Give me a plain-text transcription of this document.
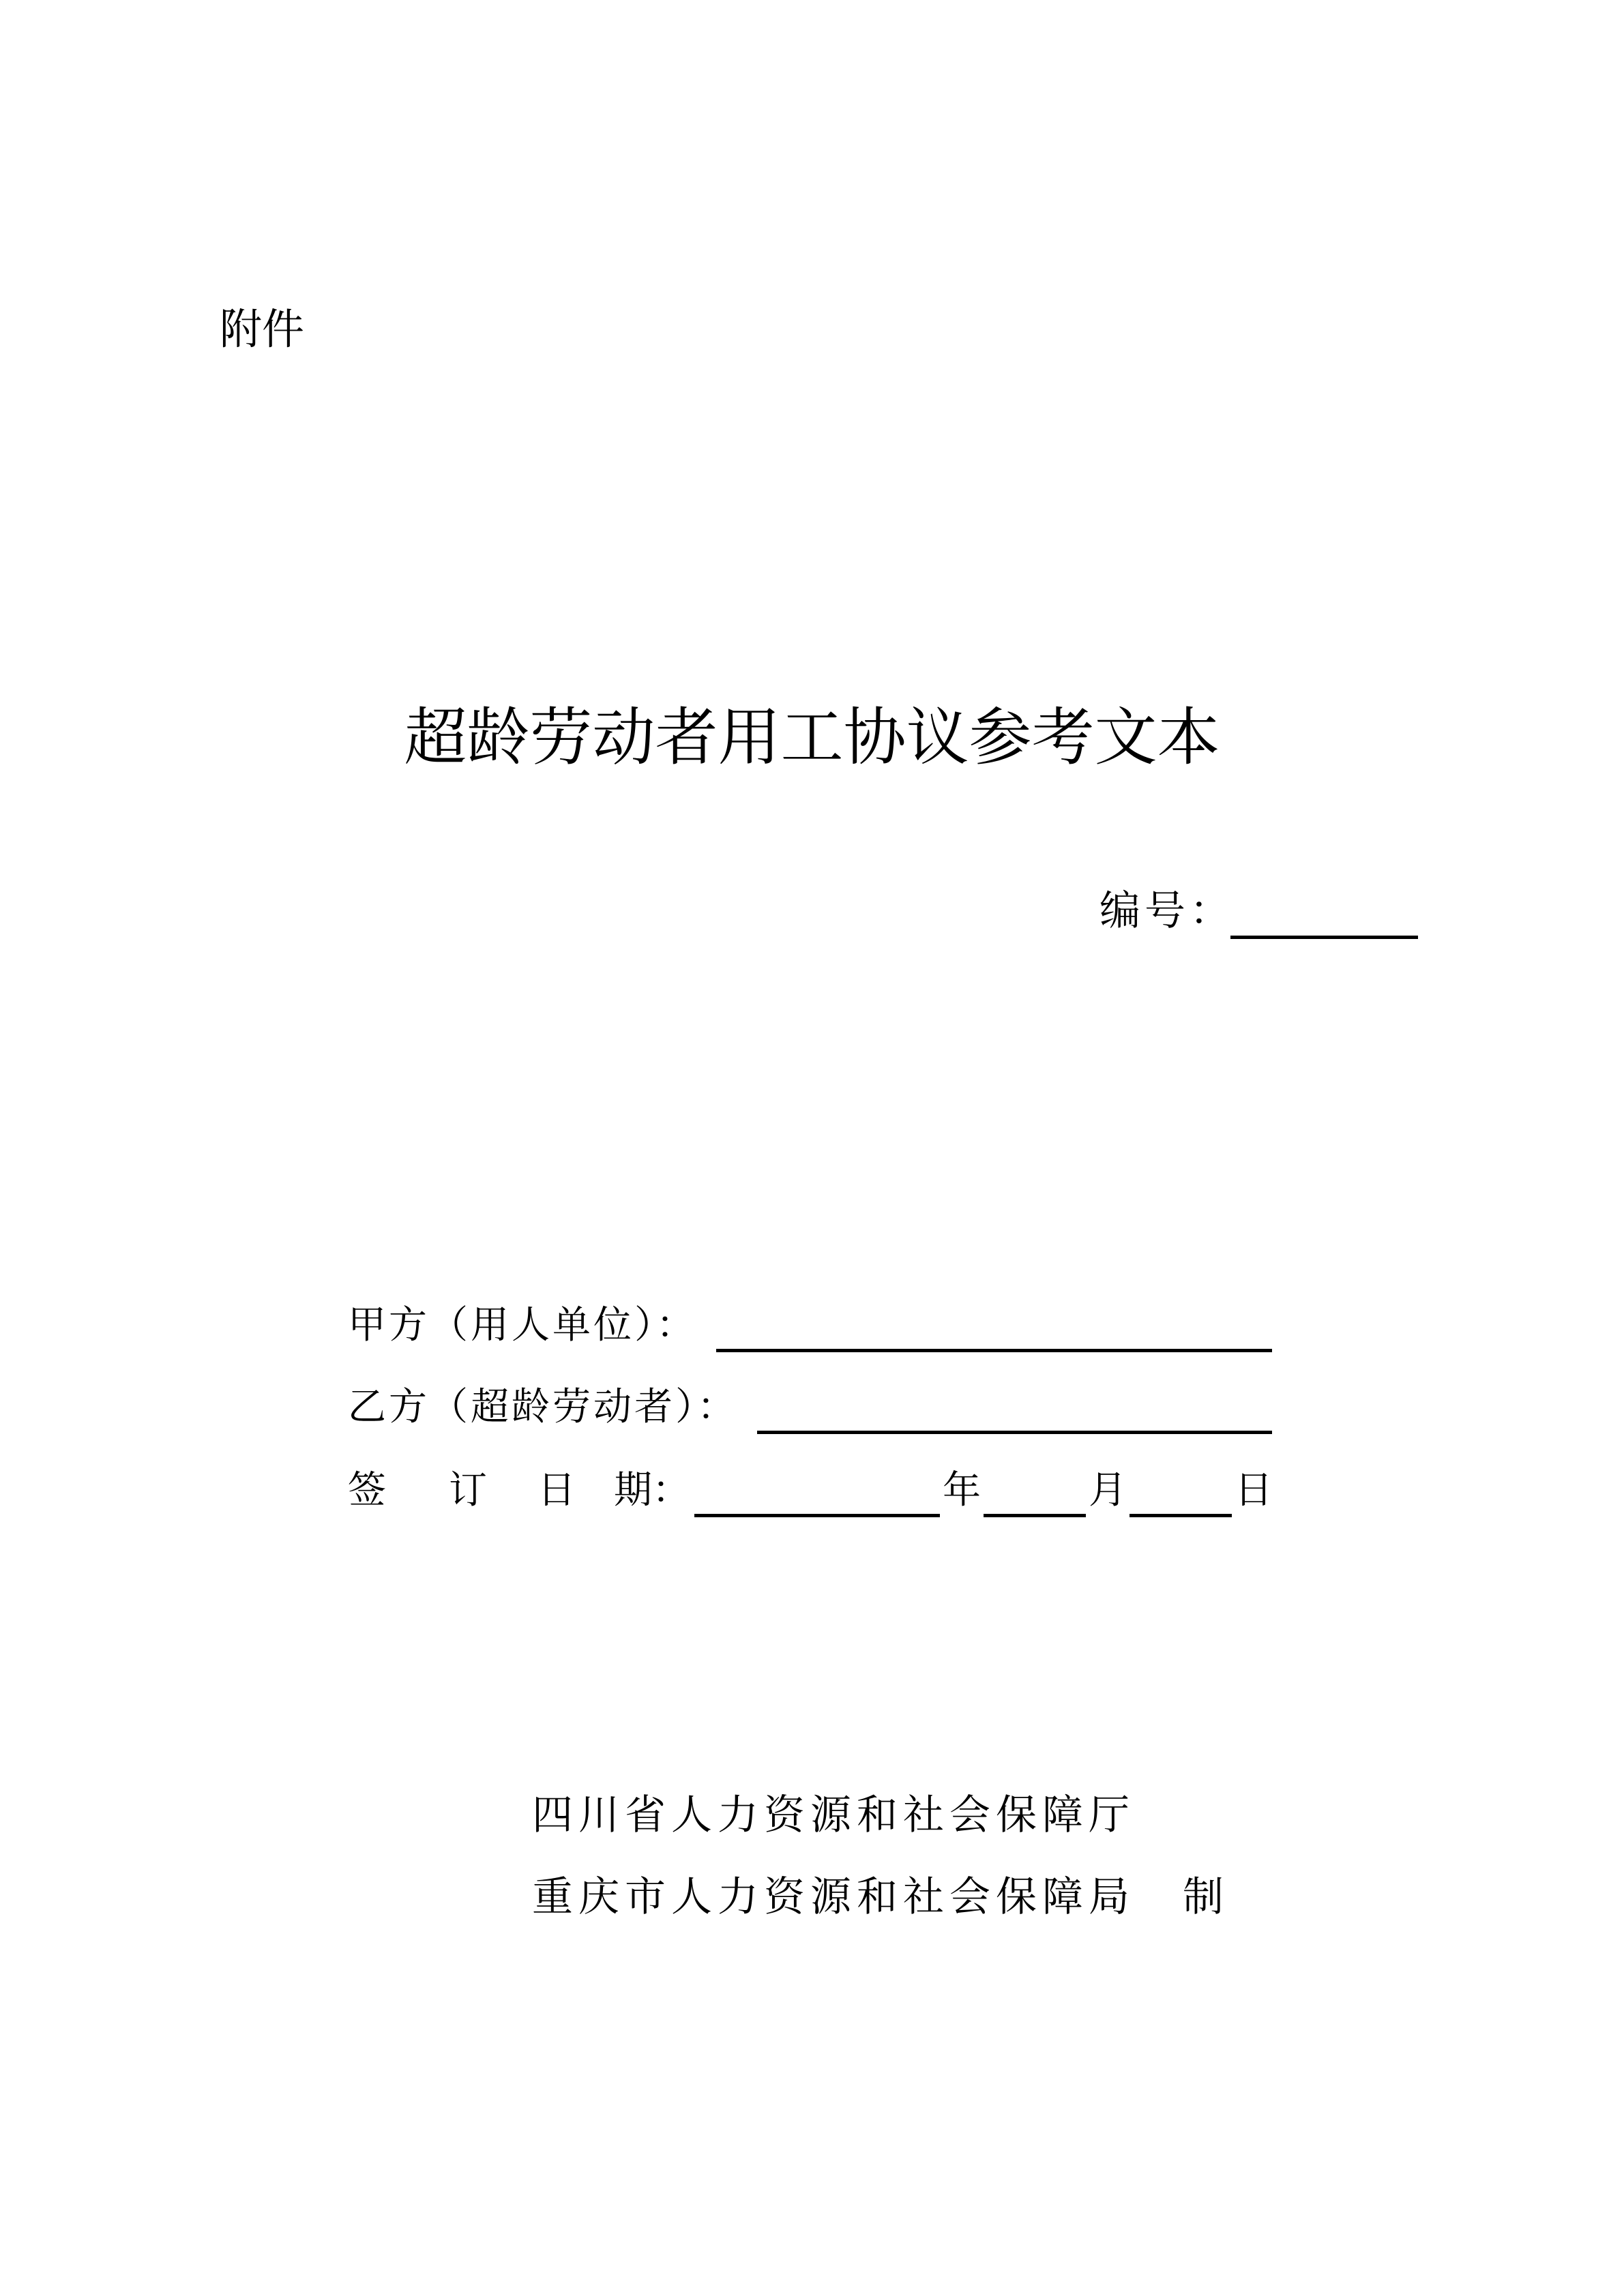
附件
超龄劳动者用工协议参考文本
编号：
甲方（用人单位）：
乙方（超龄劳动者）：
签 订 日 期：	年	月	日
四川省人力资源和社会保障厅
重庆市人力资源和社会保障局 制
